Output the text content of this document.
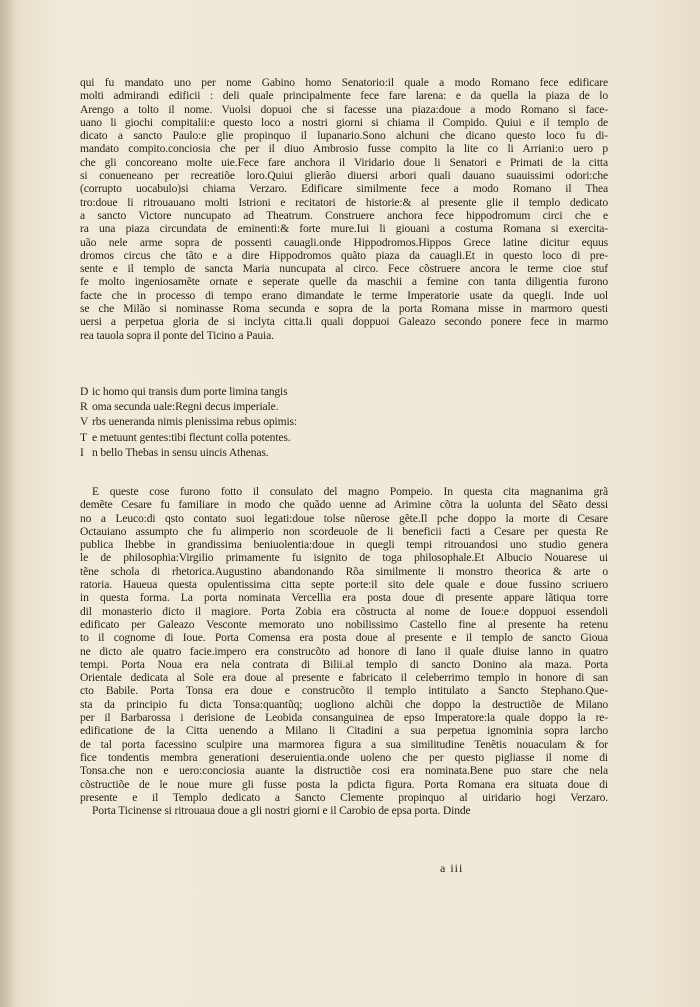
qui fu mandato uno per nome Gabino homo Senatorio:il quale a modo Romano fece edificare
molti admirandi edificii : deli quale principalmente fece fare larena: e da quella la piaza de lo
Arengo a tolto il nome. Vuolsi dopuoi che si facesse una piaza:doue a modo Romano si face-
uano li giochi compitalii:e questo loco a nostri giorni si chiama il Compido. Quiui e il templo de
dicato a sancto Paulo:e glie propinquo il lupanario.Sono alchuni che dicano questo loco fu di-
mandato compito.conciosia che per il diuo Ambrosio fusse compito la lite co li Arriani:o uero p
che gli concoreano molte uie.Fece fare anchora il Viridario doue li Senatori e Primati de la citta
si conueneano per recreatiõe loro.Quiui glierão diuersi arbori quali dauano suauissimi odori:che
(corrupto uocabulo)si chiama Verzaro. Edificare similmente fece a modo Romano il Thea
tro:doue li ritrouauano molti Istrioni e recitatori de historie:& al presente glie il templo dedicato
a sancto Victore nuncupato ad Theatrum. Construere anchora fece hippodromum circi che e
ra una piaza circundata de eminenti:& forte mure.Iui li giouani a costuma Romana si exercita-
uão nele arme sopra de possenti cauagli.onde Hippodromos.Hippos Grece latine dicitur equus
dromos circus che tãto e a dire Hippodromos quãto piaza da cauagli.Et in questo loco di pre-
sente e il templo de sancta Maria nuncupata al circo. Fece cõstruere ancora le terme cioe stuf
fe molto ingeniosamẽte ornate e seperate quelle da maschii a femine con tanta diligentia furono
facte che in processo di tempo erano dimandate le terme Imperatorie usate da quegli. Inde uol
se che Milão si nominasse Roma secunda e sopra de la porta Romana misse in marmoro questi
uersi a perpetua gloria de si inclyta citta.li quali doppuoi Galeazo secondo ponere fece in marmo
rea tauola sopra il ponte del Ticino a Pauia.
D ic homo qui transis dum porte limina tangis
R oma secunda uale:Regni decus imperiale.
V rbs ueneranda nimis plenissima rebus opimis:
T e metuunt gentes:tibi flectunt colla potentes.
I n bello Thebas in sensu uincis Athenas.
E queste cose furono fotto il consulato del magno Pompeio. In questa cita magnanima grã
demẽte Cesare fu familiare in modo che quãdo uenne ad Arimine cõtra la uolunta del Sẽato dessi
no a Leuco:di qsto contato suoi legati:doue tolse nũerose gẽte.Il pche doppo la morte di Cesare
Octauiano assumpto che fu alimperio non scordeuole de li beneficii facti a Cesare per questa Re
publica lhebbe in grandissima beniuolentia:doue in quegli tempi ritrouandosi uno studio genera
le de philosophia:Virgilio primamente fu isignito de toga philosophale.Et Albucio Nouarese ui
tẽne schola di rhetorica.Augustino abandonando Rõa similmente li monstro theorica & arte o
ratoria. Haueua questa opulentissima citta septe porte:il sito dele quale e doue fussino scriuero
in questa forma. La porta nominata Vercellia era posta doue di presente appare lãtiqua torre
dil monasterio dicto il magiore. Porta Zobia era cõstructa al nome de Ioue:e doppuoi essendoli
edificato per Galeazo Vesconte memorato uno nobilissimo Castello fine al presente ha retenu
to il cognome di Ioue. Porta Comensa era posta doue al presente e il templo de sancto Gioua
ne dicto ale quatro facie.impero era construcõto ad honore di Iano il quale diuise lanno in quatro
tempi. Porta Noua era nela contrata di Bilii.al templo di sancto Donino ala maza. Porta
Orientale dedicata al Sole era doue al presente e fabricato il celeberrimo templo in honore di san
cto Babile. Porta Tonsa era doue e construcõto il templo intitulato a Sancto Stephano.Que-
sta da principio fu dicta Tonsa:quantũq; uogliono alchũi che doppo la destructiõe de Milano
per il Barbarossa i derisione de Leobida consanguinea de epso Imperatore:la quale doppo la re-
edificatione de la Citta uenendo a Milano li Citadini a sua perpetua ignominia sopra larcho
de tal porta facessino sculpire una marmorea figura a sua similitudine Tenẽtis nouaculam & for
fice tondentis membra generationi deseruientia.onde uoleno che per questo pigliasse il nome di
Tonsa.che non e uero:conciosia auante la distructiõe cosi era nominata.Bene puo stare che nela
cõstructiõe de le noue mure gli fusse posta la pdicta figura. Porta Romana era situata doue di
presente e il Templo dedicato a Sancto Clemente propinquo al uiridario hogi Verzaro.
Porta Ticinense si ritrouaua doue a gli nostri giorni e il Carobio de epsa porta. Dinde
a iii
